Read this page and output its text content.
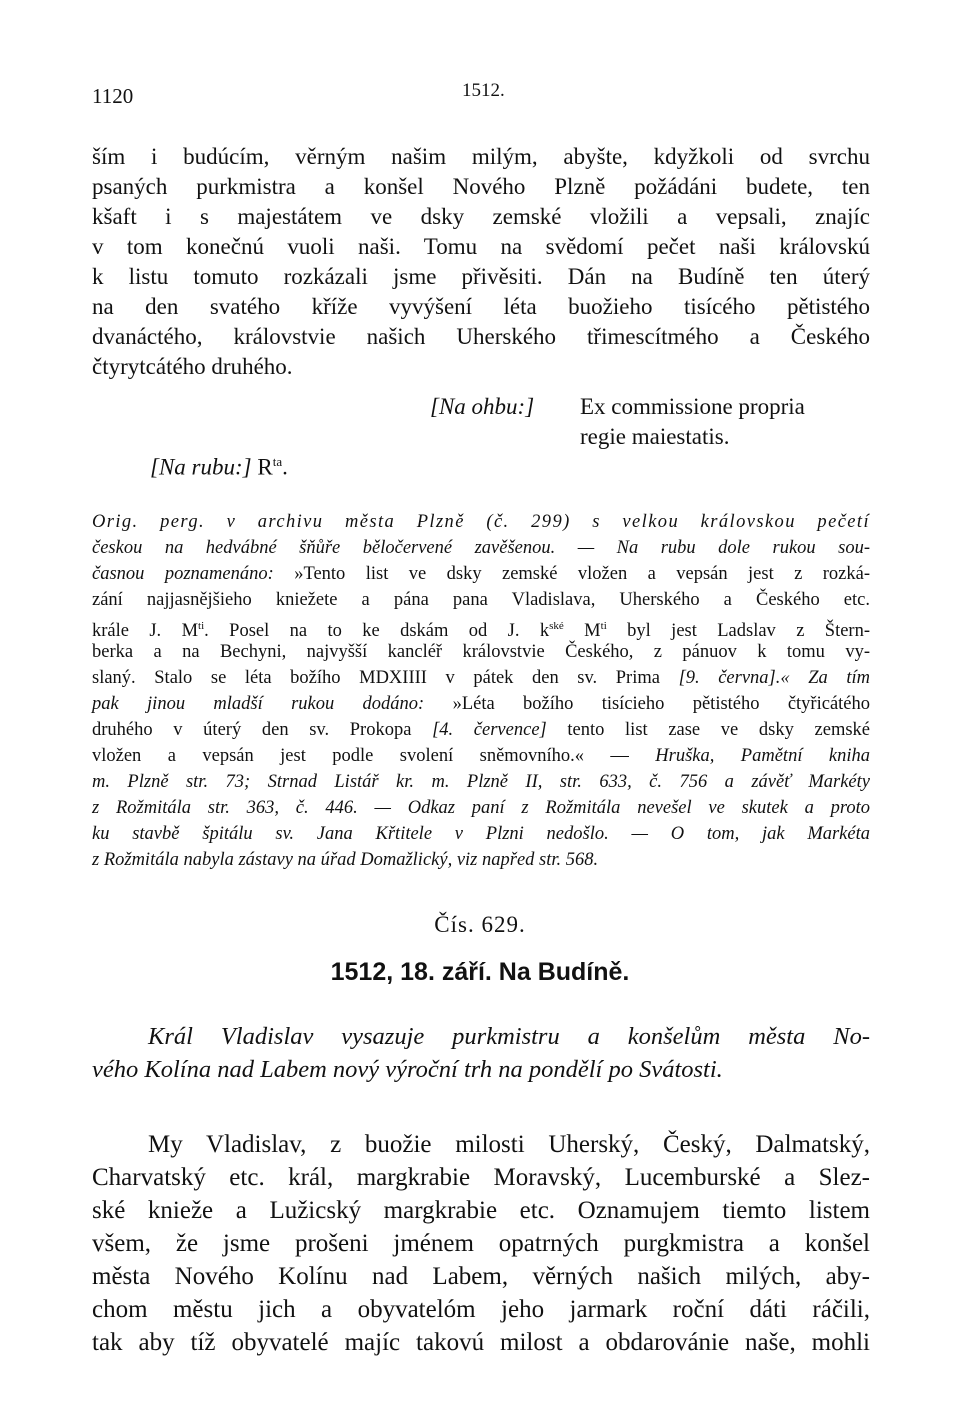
1120	1512.

ším i budúcím, věrným našim milým, abyšte, kdyžkoli od svrchu

psaných purkmistra a konšel Nového Plzně požádáni budete, ten

kšaft i s majestátem ve dsky zemské vložili a vepsali, znajíc

v tom konečnú vuoli naši. Tomu na svědomí pečet naši královskú

k listu tomuto rozkázali jsme přivěsiti. Dán na Budíně ten úterý

na den svatého kříže vyvýšení léta buožieho tisícého pětistého

dvanáctého, královstvie našich Uherského třimescítmého a Českého

čtyrytcátého druhého.

[Na ohbu:] Ex commissione propria
regie maiestatis.
[Na rubu:] $R^{ta}$.

Orig. perg. v archivu města Plzně (č. 299) s velkou královskou pečetí

českou na hedvábné šňůře běločervené zavěšenou. — Na rubu dole rukou sou-

časnou poznamenáno: »Tento list ve dsky zemské vložen a vepsán jest z rozká-

zání najjasnějšieho kniežete a pána pana Vladislava, Uherského a Českého etc.

krále J. $M^{ti}$. Posel na to ke dskám od J. $k^{ské}$ $M^{ti}$ byl jest Ladslav z Štern-

berka a na Bechyni, najvyšší kancléř královstvie Českého, z pánuov k tomu vy-

slaný. Stalo se léta božího MDXIIII v pátek den sv. Prima [9. června].« Za tím

pak jinou mladší rukou dodáno: »Léta božího tisícieho pětistého čtyřicátého

druhého v úterý den sv. Prokopa [4. července] tento list zase ve dsky zemské

vložen a vepsán jest podle svolení sněmovního.« — Hruška, Pamětní kniha

m. Plzně str. 73; Strnad Listář kr. m. Plzně II, str. 633, č. 756 a závěť Markéty

z Rožmitála str. 363, č. 446. — Odkaz paní z Rožmitála nevešel ve skutek a proto

ku stavbě špitálu sv. Jana Křtitele v Plzni nedošlo. — O tom, jak Markéta

z Rožmitála nabyla zástavy na úřad Domažlický, viz napřed str. 568.

Čís. 629.
1512, 18. září. Na Budíně.

Král Vladislav vysazuje purkmistru a konšelům města No-

vého Kolína nad Labem nový výroční trh na pondělí po Svátosti.

My Vladislav, z buožie milosti Uherský, Český, Dalmatský,

Charvatský etc. král, margkrabie Moravský, Lucemburské a Slez-

ské knieže a Lužicský margkrabie etc. Oznamujem tiemto listem

všem, že jsme prošeni jménem opatrných purgkmistra a konšel

města Nového Kolínu nad Labem, věrných našich milých, aby-

chom městu jich a obyvatelóm jeho jarmark roční dáti ráčili,

tak aby tíž obyvatelé majíc takovú milost a obdarovánie naše, mohli
